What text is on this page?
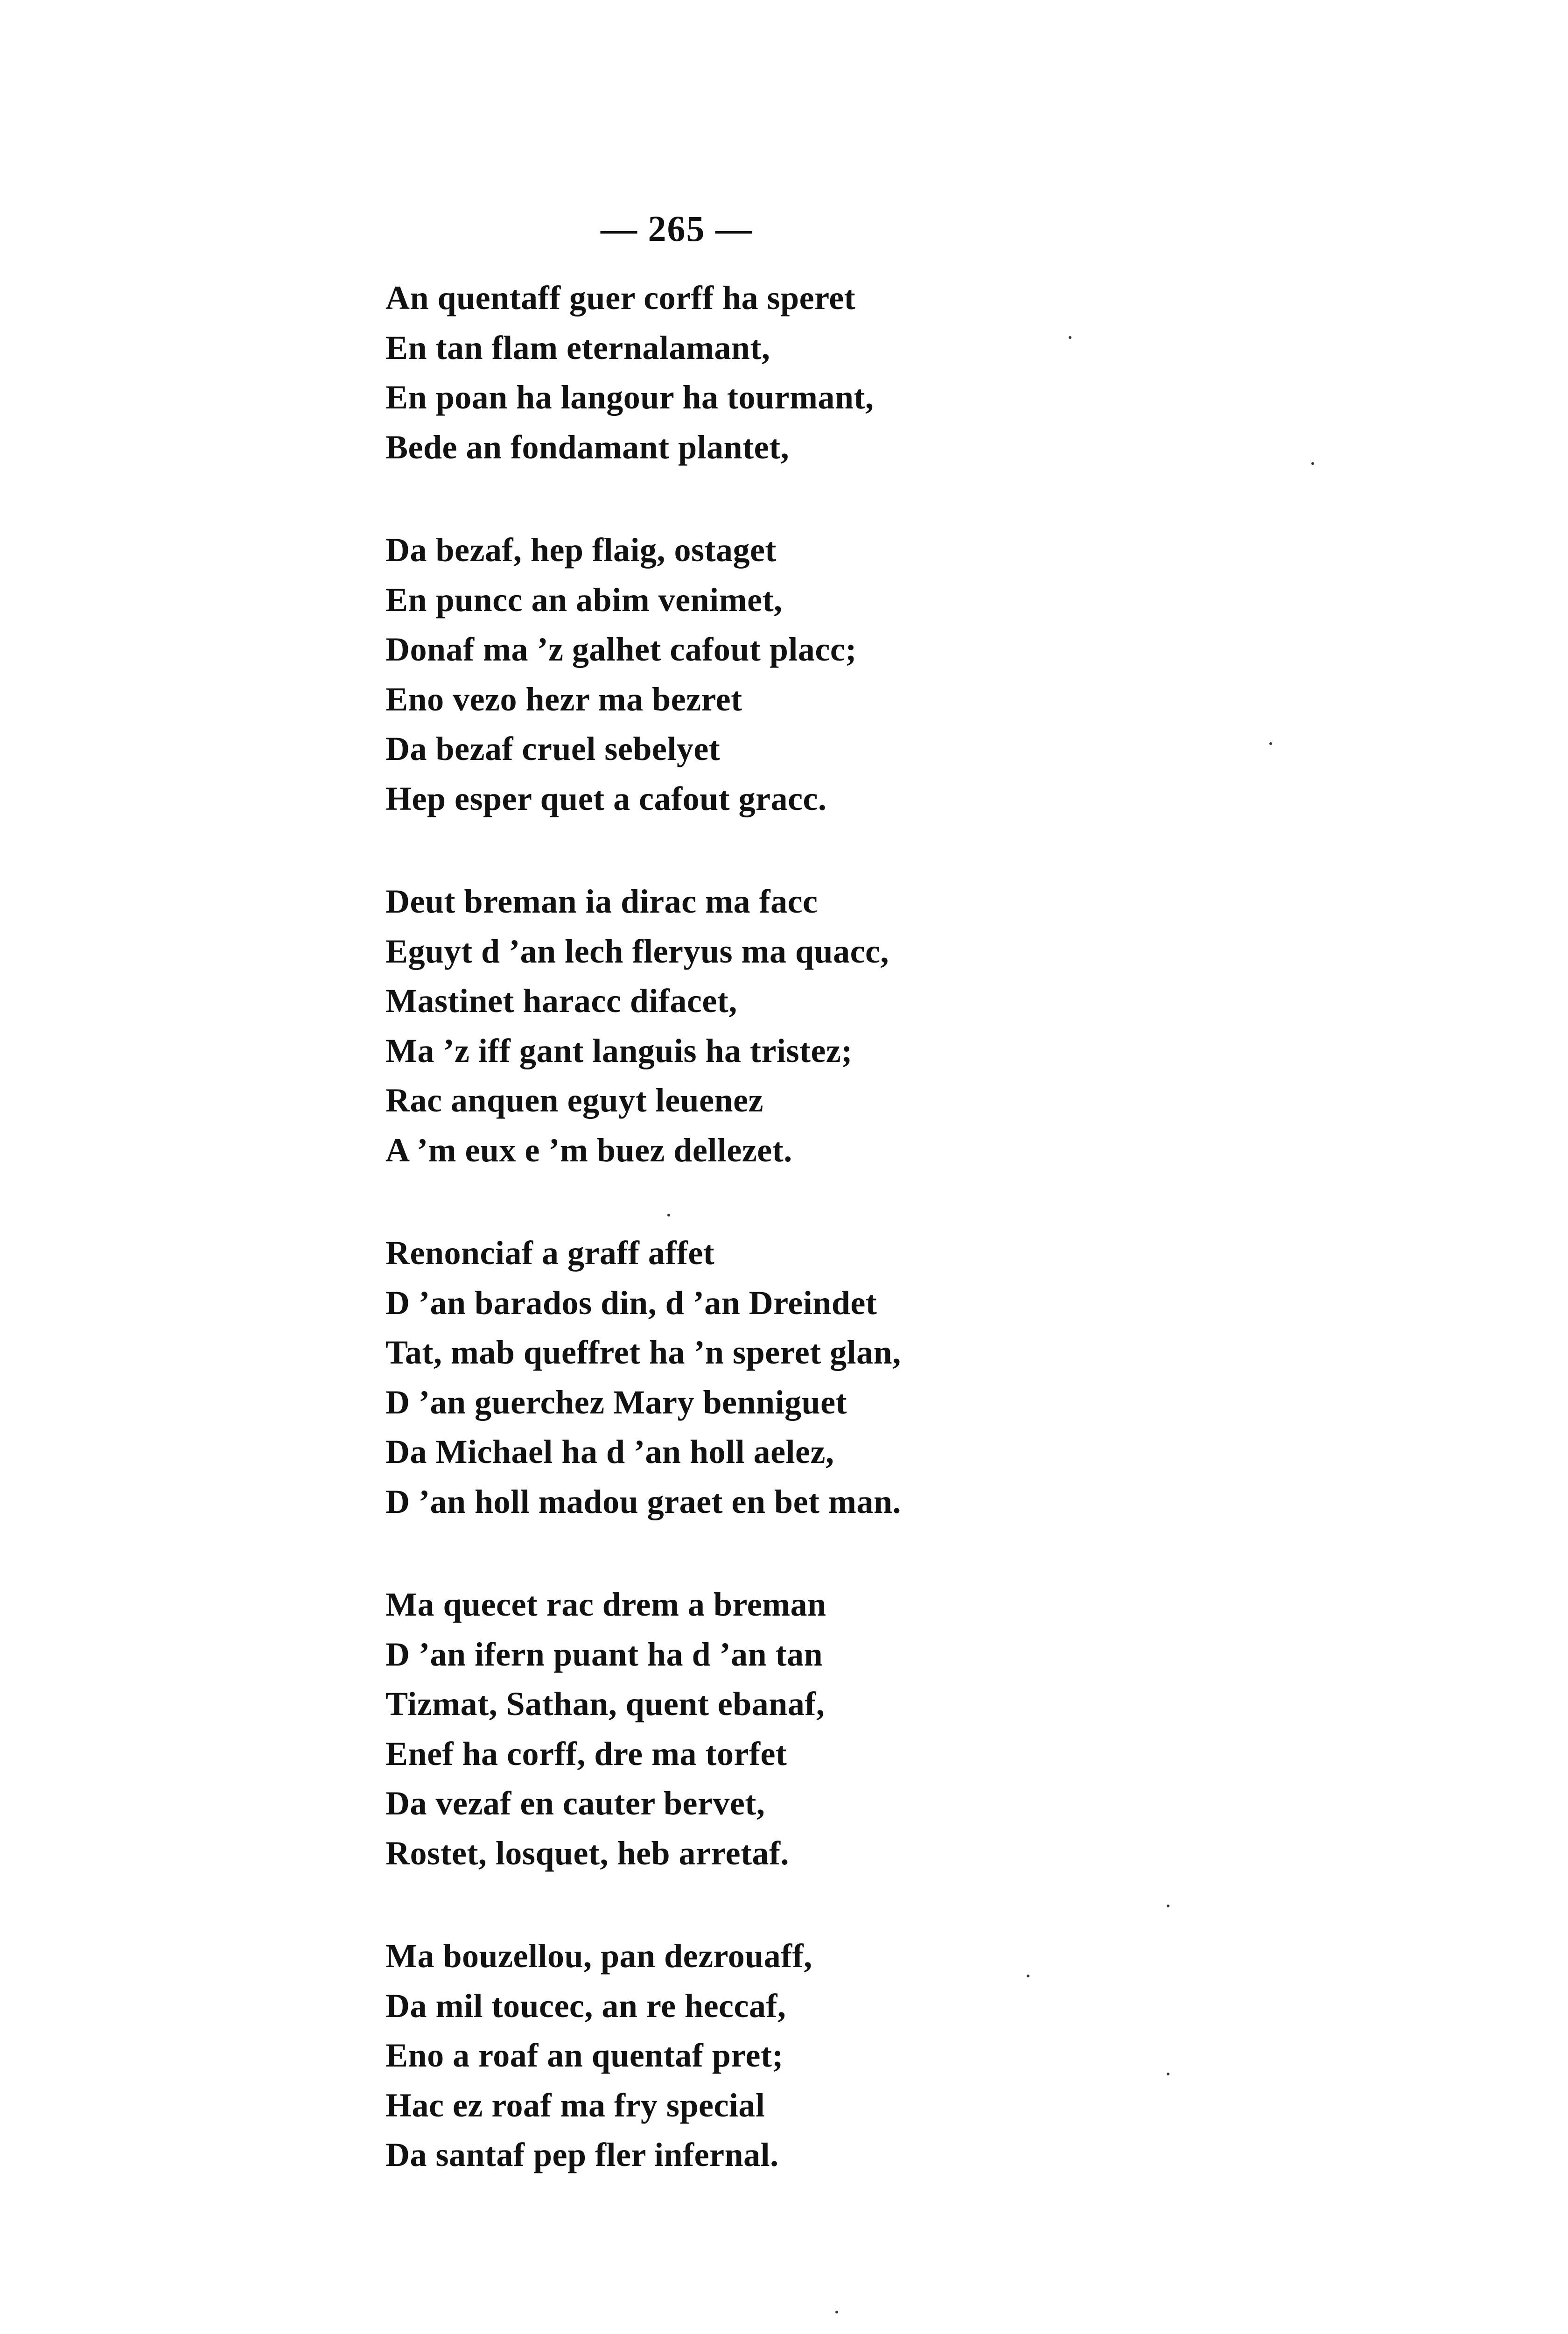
— 265 —
An quentaff guer corff ha speret
En tan flam eternalamant,
En poan ha langour ha tourmant,
Bede an fondamant plantet,
Da bezaf, hep flaig, ostaget
En puncc an abim venimet,
Donaf ma ’z galhet cafout placc;
Eno vezo hezr ma bezret
Da bezaf cruel sebelyet
Hep esper quet a cafout gracc.
Deut breman ia dirac ma facc
Eguyt d ’an lech fleryus ma quacc,
Mastinet haracc difacet,
Ma ’z iff gant languis ha tristez;
Rac anquen eguyt leuenez
A ’m eux e ’m buez dellezet.
Renonciaf a graff affet
D ’an barados din, d ’an Dreindet
Tat, mab queffret ha ’n speret glan,
D ’an guerchez Mary benniguet
Da Michael ha d ’an holl aelez,
D ’an holl madou graet en bet man.
Ma quecet rac drem a breman
D ’an ifern puant ha d ’an tan
Tizmat, Sathan, quent ebanaf,
Enef ha corff, dre ma torfet
Da vezaf en cauter bervet,
Rostet, losquet, heb arretaf.
Ma bouzellou, pan dezrouaff,
Da mil toucec, an re heccaf,
Eno a roaf an quentaf pret;
Hac ez roaf ma fry special
Da santaf pep fler infernal.
